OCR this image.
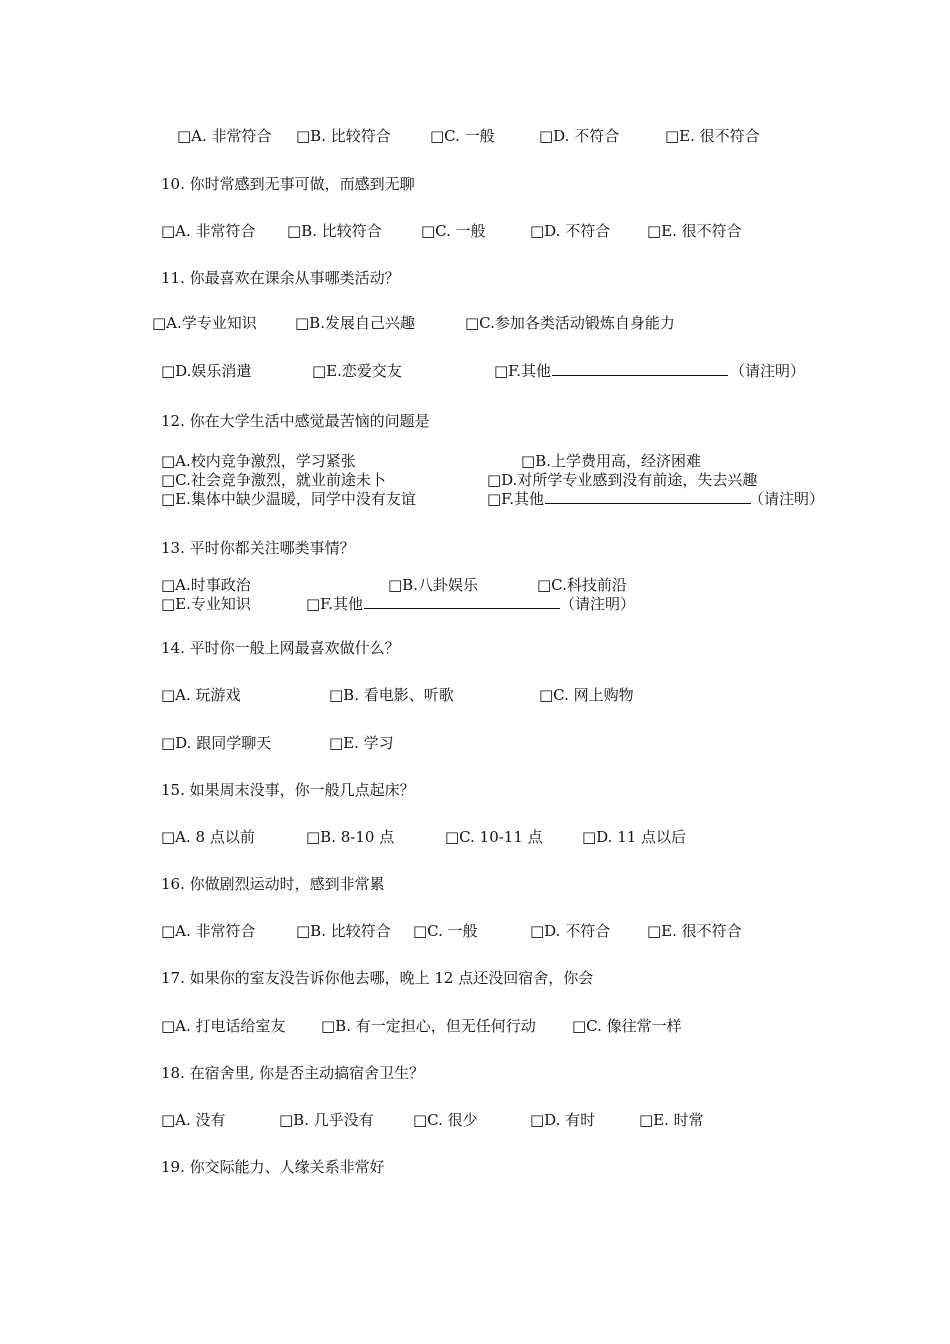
□A. 非常符合 □B. 比较符合	□C. 一般	□D. 不符合	□E. 很不符合
10. 你时常感到无事可做，而感到无聊
□A. 非常符合 □B. 比较符合	□C. 一般	□D. 不符合 □E. 很不符合
11. 你最喜欢在课余从事哪类活动？
□A.学专业知识	□B.发展自己兴趣	□C.参加各类活动锻炼自身能力
□D.娱乐消遣	□E.恋爱交友	□F.其他	（请注明）
12. 你在大学生活中感觉最苦恼的问题是
□A.校内竞争激烈，学习紧张	□B.上学费用高，经济困难
□C.社会竞争激烈，就业前途未卜	□D.对所学专业感到没有前途，失去兴趣
□E.集体中缺少温暖，同学中没有友谊	□F.其他	（请注明）
13. 平时你都关注哪类事情？
□A.时事政治	□B.八卦娱乐	□C.科技前沿
□E.专业知识	□F.其他	（请注明）
14. 平时你一般上网最喜欢做什么？
□A. 玩游戏	□B. 看电影、听歌	□C. 网上购物
□D. 跟同学聊天	□E. 学习
15. 如果周末没事，你一般几点起床？
□A. 8 点以前	□B. 8-10 点	□C. 10-11 点	□D. 11 点以后
16. 你做剧烈运动时，感到非常累
□A. 非常符合	□B. 比较符合 □C. 一般	□D. 不符合 □E. 很不符合
17. 如果你的室友没告诉你他去哪，晚上 12 点还没回宿舍，你会
□A. 打电话给室友 □B. 有一定担心，但无任何行动 □C. 像往常一样
18. 在宿舍里, 你是否主动搞宿舍卫生？
□A. 没有	□B. 几乎没有	□C. 很少	□D. 有时	□E. 时常
19. 你交际能力、人缘关系非常好
